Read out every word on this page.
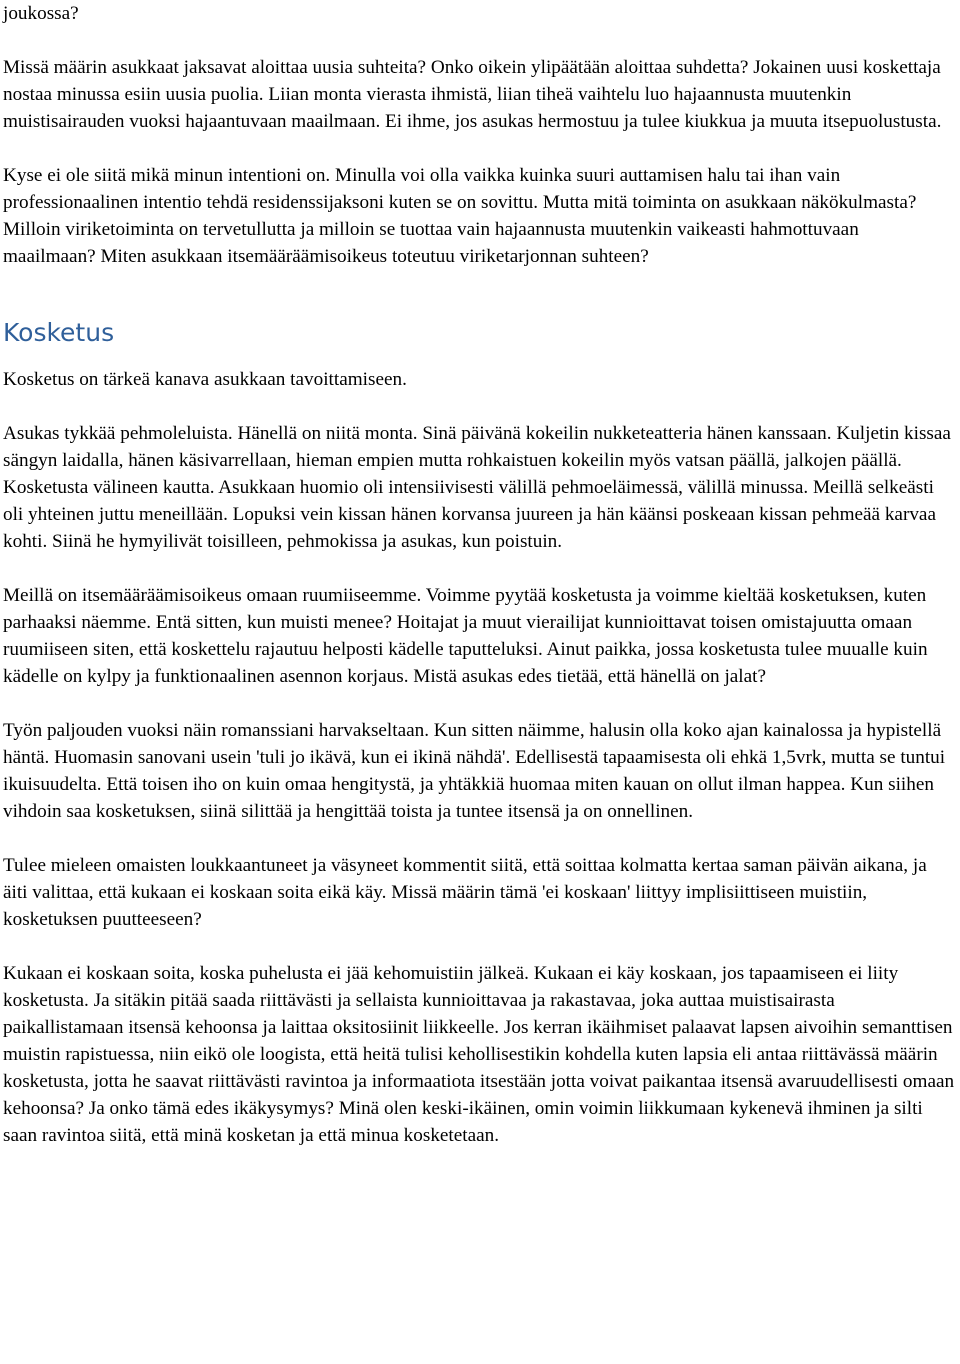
joukossa?

Missä määrin asukkaat jaksavat aloittaa uusia suhteita? Onko oikein ylipäätään aloittaa suhdetta? Jokainen uusi koskettaja nostaa minussa esiin uusia puolia. Liian monta vierasta ihmistä, liian tiheä vaihtelu luo hajaannusta muutenkin muistisairauden vuoksi hajaantuvaan maailmaan. Ei ihme, jos asukas hermostuu ja tulee kiukkua ja muuta itsepuolustusta.

Kyse ei ole siitä mikä minun intentioni on. Minulla voi olla vaikka kuinka suuri auttamisen halu tai ihan vain professionaalinen intentio tehdä residenssijaksoni kuten se on sovittu. Mutta mitä toiminta on asukkaan näkökulmasta? Milloin viriketoiminta on tervetullutta ja milloin se tuottaa vain hajaannusta muutenkin vaikeasti hahmottuvaan maailmaan? Miten asukkaan itsemääräämisoikeus toteutuu viriketarjonnan suhteen?

Kosketus

Kosketus on tärkeä kanava asukkaan tavoittamiseen.

Asukas tykkää pehmoleluista. Hänellä on niitä monta. Sinä päivänä kokeilin nukketeatteria hänen kanssaan. Kuljetin kissaa sängyn laidalla, hänen käsivarrellaan, hieman empien mutta rohkaistuen kokeilin myös vatsan päällä, jalkojen päällä. Kosketusta välineen kautta. Asukkaan huomio oli intensiivisesti välillä pehmoeläimessä, välillä minussa. Meillä selkeästi oli yhteinen juttu meneillään. Lopuksi vein kissan hänen korvansa juureen ja hän käänsi poskeaan kissan pehmeää karvaa kohti. Siinä he hymyilivät toisilleen, pehmokissa ja asukas, kun poistuin.

Meillä on itsemääräämisoikeus omaan ruumiiseemme. Voimme pyytää kosketusta ja voimme kieltää kosketuksen, kuten parhaaksi näemme. Entä sitten, kun muisti menee? Hoitajat ja muut vierailijat kunnioittavat toisen omistajuutta omaan ruumiiseen siten, että koskettelu rajautuu helposti kädelle taputteluksi. Ainut paikka, jossa kosketusta tulee muualle kuin kädelle on kylpy ja funktionaalinen asennon korjaus. Mistä asukas edes tietää, että hänellä on jalat?

Työn paljouden vuoksi näin romanssiani harvakseltaan. Kun sitten näimme, halusin olla koko ajan kainalossa ja hypistellä häntä. Huomasin sanovani usein 'tuli jo ikävä, kun ei ikinä nähdä'. Edellisestä tapaamisesta oli ehkä 1,5vrk, mutta se tuntui ikuisuudelta. Että toisen iho on kuin omaa hengitystä, ja yhtäkkiä huomaa miten kauan on ollut ilman happea. Kun siihen vihdoin saa kosketuksen, siinä silittää ja hengittää toista ja tuntee itsensä ja on onnellinen.

Tulee mieleen omaisten loukkaantuneet ja väsyneet kommentit siitä, että soittaa kolmatta kertaa saman päivän aikana, ja äiti valittaa, että kukaan ei koskaan soita eikä käy. Missä määrin tämä 'ei koskaan' liittyy implisiittiseen muistiin, kosketuksen puutteeseen?

Kukaan ei koskaan soita, koska puhelusta ei jää kehomuistiin jälkeä. Kukaan ei käy koskaan, jos tapaamiseen ei liity kosketusta. Ja sitäkin pitää saada riittävästi ja sellaista kunnioittavaa ja rakastavaa, joka auttaa muistisairasta paikallistamaan itsensä kehoonsa ja laittaa oksitosiinit liikkeelle. Jos kerran ikäihmiset palaavat lapsen aivoihin semanttisen muistin rapistuessa, niin eikö ole loogista, että heitä tulisi kehollisestikin kohdella kuten lapsia eli antaa riittävässä määrin kosketusta, jotta he saavat riittävästi ravintoa ja informaatiota itsestään jotta voivat paikantaa itsensä avaruudellisesti omaan kehoonsa? Ja onko tämä edes ikäkysymys? Minä olen keski-ikäinen, omin voimin liikkumaan kykenevä ihminen ja silti saan ravintoa siitä, että minä kosketan ja että minua kosketetaan.
